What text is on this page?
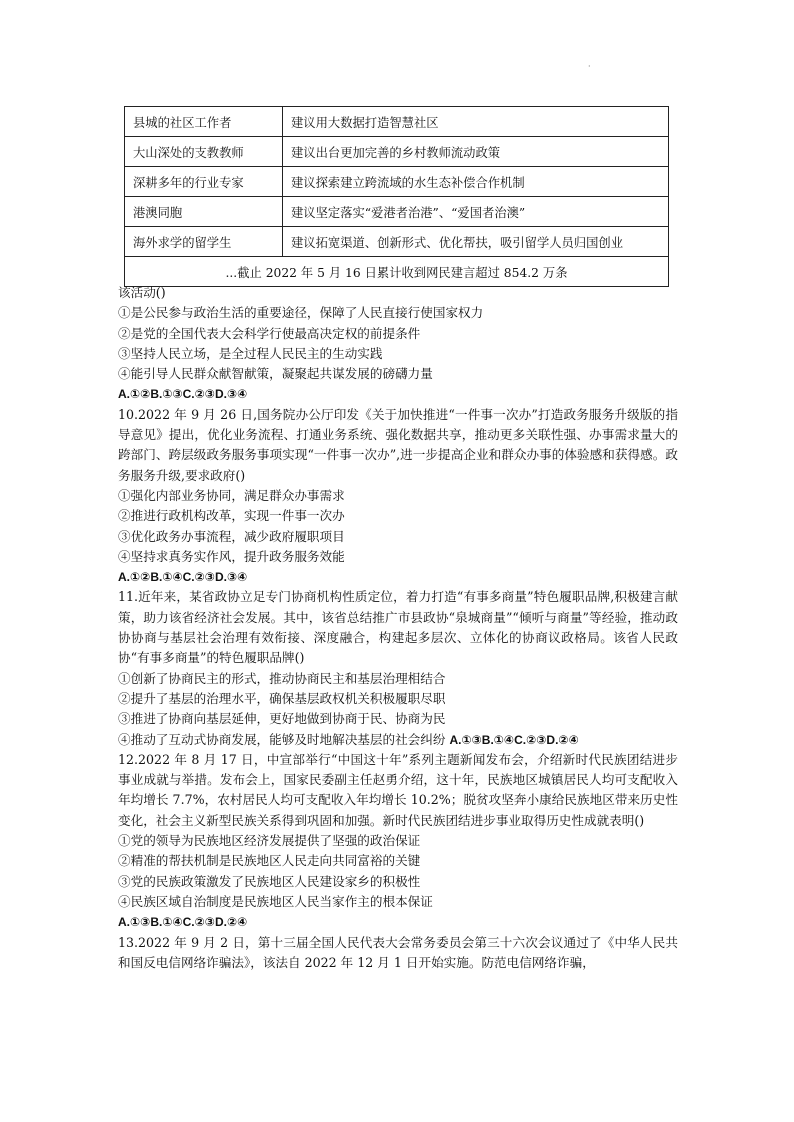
·
县城的社区工作者	建议用大数据打造智慧社区
大山深处的支教教师	建议出台更加完善的乡村教师流动政策
深耕多年的行业专家	建议探索建立跨流域的水生态补偿合作机制
港澳同胞	建议坚定落实“爱港者治港”、“爱国者治澳”
海外求学的留学生	建议拓宽渠道、创新形式、优化帮扶，吸引留学人员归国创业
...截止 2022 年 5 月 16 日累计收到网民建言超过 854.2 万条	

该活动()

①是公民参与政治生活的重要途径，保障了人民直接行使国家权力

②是党的全国代表大会科学行使最高决定权的前提条件

③坚持人民立场，是全过程人民民主的生动实践

④能引导人民群众献智献策，凝聚起共谋发展的磅礴力量

A.①②B.①③C.②③D.③④

10.2022 年 9 月 26 日,国务院办公厅印发《关于加快推进“一件事一次办”打造政务服务升级版的指导意见》提出，优化业务流程、打通业务系统、强化数据共享，推动更多关联性强、办事需求量大的跨部门、跨层级政务服务事项实现“一件事一次办”,进一步提高企业和群众办事的体验感和获得感。政务服务升级,要求政府()

①强化内部业务协同，满足群众办事需求

②推进行政机构改革，实现一件事一次办

③优化政务办事流程，减少政府履职项目

④坚持求真务实作风，提升政务服务效能

A.①②B.①④C.②③D.③④

11.近年来，某省政协立足专门协商机构性质定位，着力打造“有事多商量”特色履职品牌,积极建言献策，助力该省经济社会发展。其中，该省总结推广市县政协“泉城商量”“倾听与商量”等经验，推动政协协商与基层社会治理有效衔接、深度融合，构建起多层次、立体化的协商议政格局。该省人民政协“有事多商量”的特色履职品牌()

①创新了协商民主的形式，推动协商民主和基层治理相结合

②提升了基层的治理水平，确保基层政权机关积极履职尽职

③推进了协商向基层延伸，更好地做到协商于民、协商为民

④推动了互动式协商发展，能够及时地解决基层的社会纠纷 A.①③B.①④C.②③D.②④

12.2022 年 8 月 17 日，中宣部举行“中国这十年”系列主题新闻发布会，介绍新时代民族团结进步事业成就与举措。发布会上，国家民委副主任赵勇介绍，这十年，民族地区城镇居民人均可支配收入年均增长 7.7%，农村居民人均可支配收入年均增长 10.2%；脱贫攻坚奔小康给民族地区带来历史性变化，社会主义新型民族关系得到巩固和加强。新时代民族团结进步事业取得历史性成就表明()

①党的领导为民族地区经济发展提供了坚强的政治保证

②精准的帮扶机制是民族地区人民走向共同富裕的关键

③党的民族政策激发了民族地区人民建设家乡的积极性

④民族区域自治制度是民族地区人民当家作主的根本保证

A.①③B.①④C.②③D.②④

13.2022 年 9 月 2 日，第十三届全国人民代表大会常务委员会第三十六次会议通过了《中华人民共和国反电信网络诈骗法》，该法自 2022 年 12 月 1 日开始实施。防范电信网络诈骗，
